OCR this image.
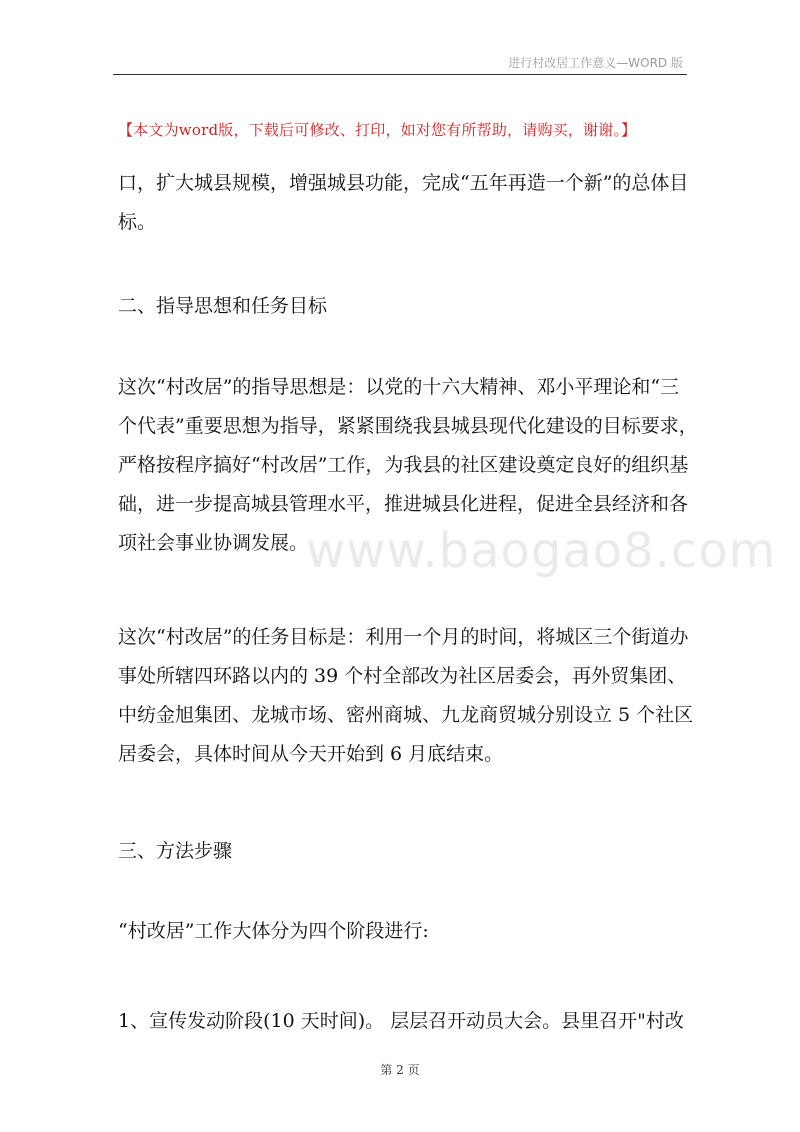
进行村改居工作意义—WORD 版
【本文为word版，下载后可修改、打印，如对您有所帮助，请购买，谢谢。】
www.baogao8.com
口，扩大城县规模，增强城县功能，完成“五年再造一个新”的总体目
标。
二、指导思想和任务目标
这次“村改居”的指导思想是：以党的十六大精神、邓小平理论和“三
个代表”重要思想为指导，紧紧围绕我县城县现代化建设的目标要求，
严格按程序搞好“村改居”工作，为我县的社区建设奠定良好的组织基
础，进一步提高城县管理水平，推进城县化进程，促进全县经济和各
项社会事业协调发展。
这次“村改居”的任务目标是：利用一个月的时间，将城区三个街道办
事处所辖四环路以内的 39 个村全部改为社区居委会，再外贸集团、
中纺金旭集团、龙城市场、密州商城、九龙商贸城分别设立 5 个社区
居委会，具体时间从今天开始到 6 月底结束。
三、方法步骤
“村改居”工作大体分为四个阶段进行:
1、宣传发动阶段(10 天时间)。 层层召开动员大会。县里召开"村改
第 2 页
